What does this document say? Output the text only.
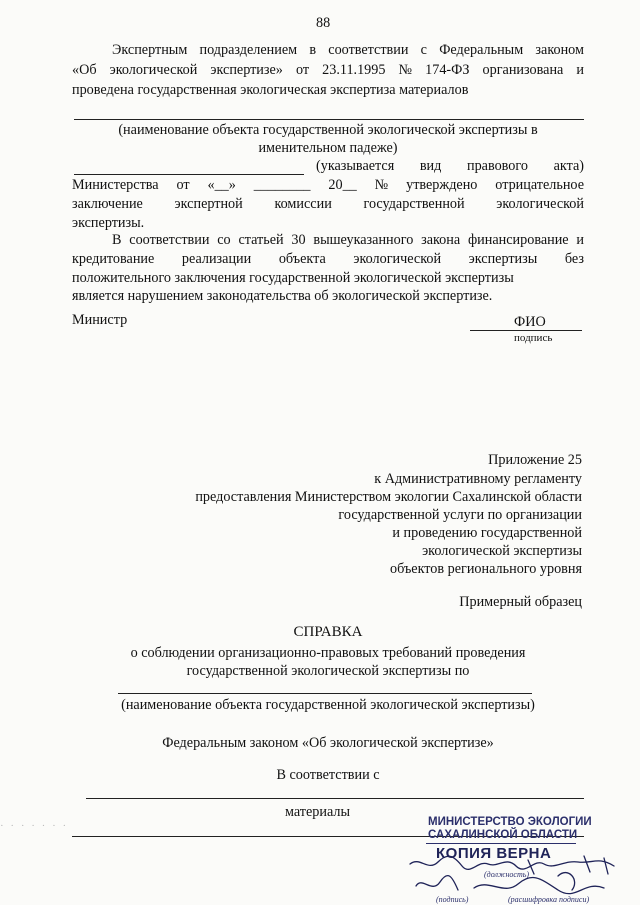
88
Экспертным подразделением в соответствии с Федеральным законом
«Об экологической экспертизе» от 23.11.1995 № 174-ФЗ организована и
проведена государственная экологическая экспертиза материалов
(наименование объекта государственной экологической экспертизы в
именительном падеже)
(указывается вид правового акта)
Министерства от «__» ________ 20__ № утверждено отрицательное
заключение экспертной комиссии государственной экологической
экспертизы.
В соответствии со статьей 30 вышеуказанного закона финансирование и
кредитование реализации объекта экологической экспертизы без
положительного заключения государственной экологической экспертизы
является нарушением законодательства об экологической экспертизе.
Министр	ФИО
подпись
Приложение 25
к Административному регламенту
предоставления Министерством экологии Сахалинской области
государственной услуги по организации
и проведению государственной
экологической экспертизы
объектов регионального уровня
Примерный образец
СПРАВКА
о соблюдении организационно-правовых требований проведения
государственной экологической экспертизы по
(наименование объекта государственной экологической экспертизы)
Федеральным законом «Об экологической экспертизе»
В соответствии с
материалы
· · · · · · ·	МИНИСТЕРСТВО ЭКОЛОГИИ
САХАЛИНСКОЙ ОБЛАСТИ
КОПИЯ ВЕРНА
(должность)
(подпись)	(расшифровка подписи)
